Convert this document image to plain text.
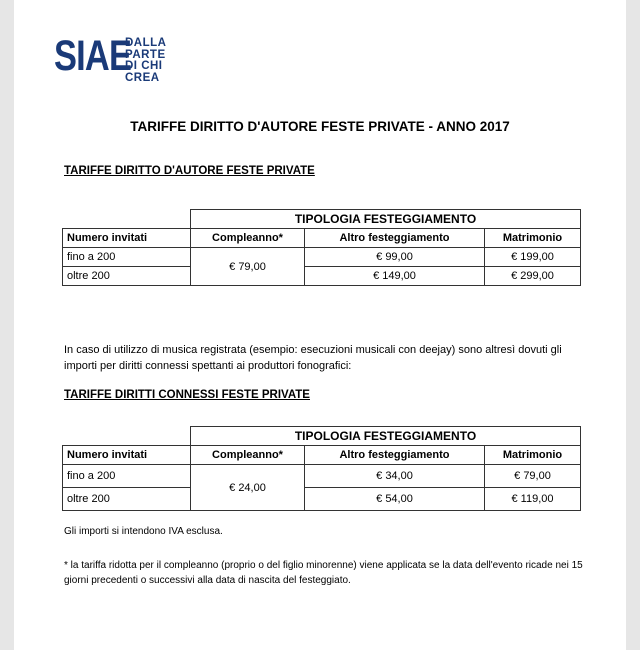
SIAE
DALLA
PARTE
DI CHI
CREA
TARIFFE DIRITTO D'AUTORE FESTE PRIVATE - ANNO 2017
TARIFFE DIRITTO D'AUTORE FESTE PRIVATE
	TIPOLOGIA FESTEGGIAMENTO		
Numero invitati	Compleanno*	Altro festeggiamento	Matrimonio
fino a 200	€ 79,00	€ 99,00	€ 199,00
oltre 200		€ 149,00	€ 299,00
In caso di utilizzo di musica registrata (esempio: esecuzioni musicali con deejay) sono altresì dovuti gli importi per diritti connessi spettanti ai produttori fonografici:
TARIFFE DIRITTI CONNESSI FESTE PRIVATE
	TIPOLOGIA FESTEGGIAMENTO		
Numero invitati	Compleanno*	Altro festeggiamento	Matrimonio
fino a 200	€ 24,00	€ 34,00	€ 79,00
oltre 200		€ 54,00	€ 119,00
Gli importi si intendono IVA esclusa.
* la tariffa ridotta per il compleanno (proprio o del figlio minorenne) viene applicata se la data dell'evento ricade nei 15 giorni precedenti o successivi alla data di nascita del festeggiato.
